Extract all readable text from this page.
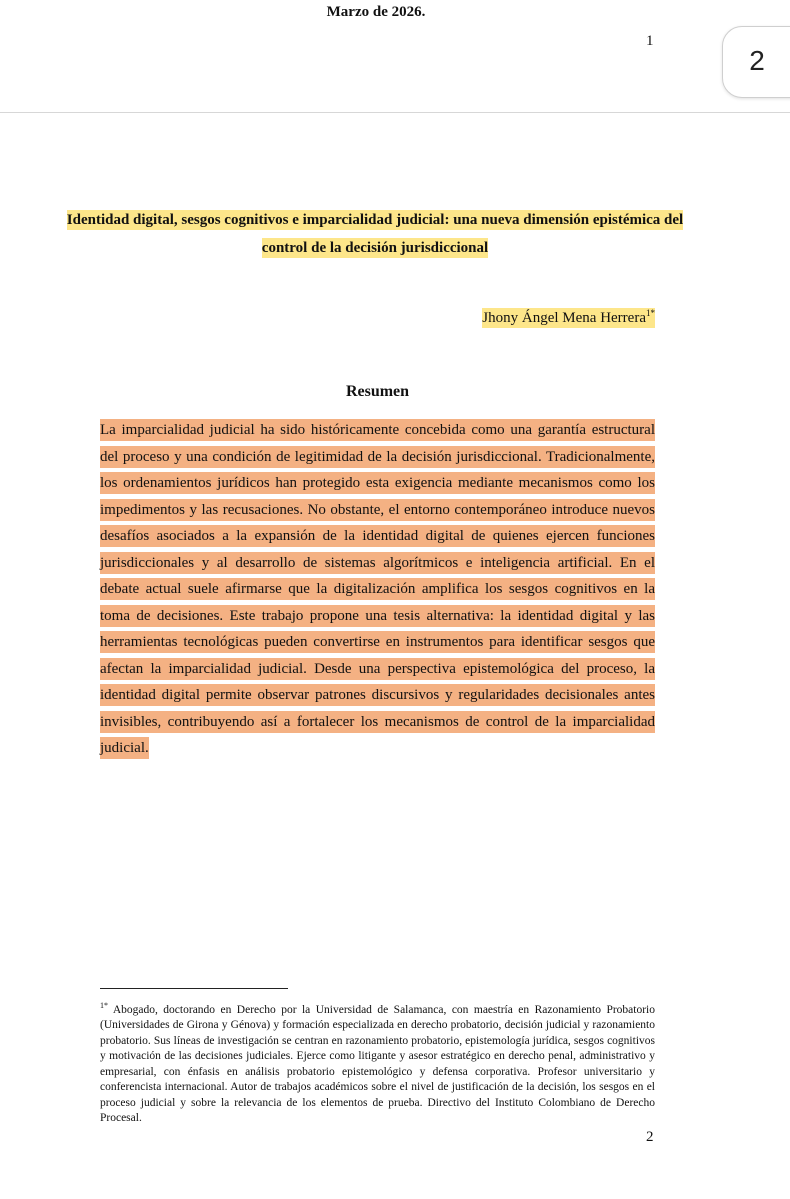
Marzo de 2026.
1
2
Identidad digital, sesgos cognitivos e imparcialidad judicial: una nueva dimensión epistémica del control de la decisión jurisdiccional
Jhony Ángel Mena Herrera$^{1*}$
Resumen

La imparcialidad judicial ha sido históricamente concebida como una garantía estructural del proceso y una condición de legitimidad de la decisión jurisdiccional. Tradicionalmente, los ordenamientos jurídicos han protegido esta exigencia mediante mecanismos como los impedimentos y las recusaciones. No obstante, el entorno contemporáneo introduce nuevos desafíos asociados a la expansión de la identidad digital de quienes ejercen funciones jurisdiccionales y al desarrollo de sistemas algorítmicos e inteligencia artificial. En el debate actual suele afirmarse que la digitalización amplifica los sesgos cognitivos en la toma de decisiones. Este trabajo propone una tesis alternativa: la identidad digital y las herramientas tecnológicas pueden convertirse en instrumentos para identificar sesgos que afectan la imparcialidad judicial. Desde una perspectiva epistemológica del proceso, la identidad digital permite observar patrones discursivos y regularidades decisionales antes invisibles, contribuyendo así a fortalecer los mecanismos de control de la imparcialidad judicial.

$^{1*}$ Abogado, doctorando en Derecho por la Universidad de Salamanca, con maestría en Razonamiento Probatorio (Universidades de Girona y Génova) y formación especializada en derecho probatorio, decisión judicial y razonamiento probatorio. Sus líneas de investigación se centran en razonamiento probatorio, epistemología jurídica, sesgos cognitivos y motivación de las decisiones judiciales. Ejerce como litigante y asesor estratégico en derecho penal, administrativo y empresarial, con énfasis en análisis probatorio epistemológico y defensa corporativa. Profesor universitario y conferencista internacional. Autor de trabajos académicos sobre el nivel de justificación de la decisión, los sesgos en el proceso judicial y sobre la relevancia de los elementos de prueba. Directivo del Instituto Colombiano de Derecho Procesal.

2
